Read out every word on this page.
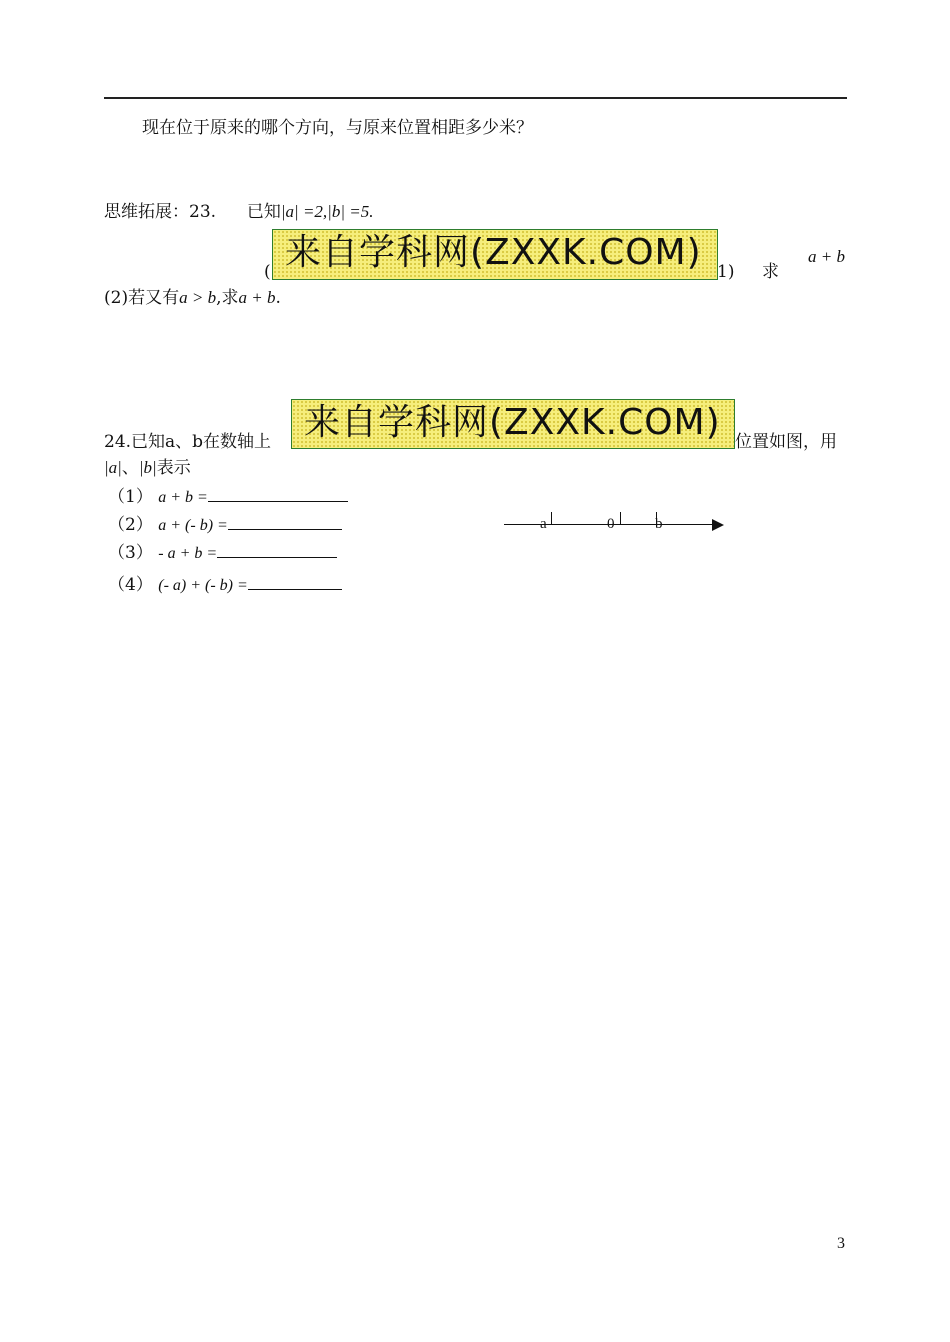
现在位于原来的哪个方向，与原来位置相距多少米？
思维拓展：23. 已知|a| =2,|b| =5.
( 来自学科网(ZXXK.COM) 1) 求
a + b
(2)若又有a > b,求a + b.
24.已知a、b在数轴上 来自学科网(ZXXK.COM) 位置如图，用
|a|、|b|表示
（1） a + b =
（2） a + (- b) =
（3） - a + b =
（4） (- a) + (- b) =
a	0	b
3
